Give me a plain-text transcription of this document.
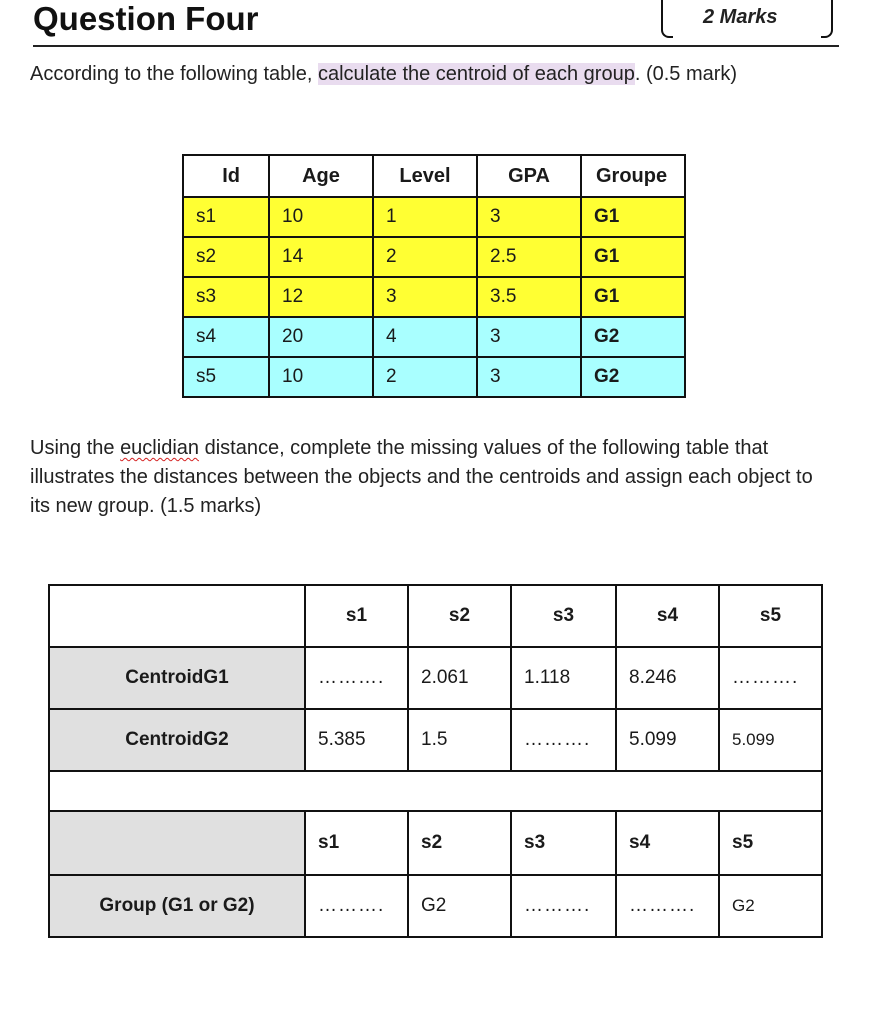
Question Four	2 Marks
According to the following table, calculate the centroid of each group. (0.5 mark)
Id	Age	Level	GPA	Groupe
s1	10	1	3	G1
s2	14	2	2.5	G1
s3	12	3	3.5	G1
s4	20	4	3	G2
s5	10	2	3	G2
Using the euclidian distance, complete the missing values of the following table that illustrates the distances between the objects and the centroids and assign each object to its new group. (1.5 marks)
	s1	s2	s3	s4	s5
CentroidG1	……….	2.061	1.118	8.246	……….
CentroidG2	5.385	1.5	……….	5.099	5.099

	s1	s2	s3	s4	s5
Group (G1 or G2)	……….	G2	……….	……….	G2
